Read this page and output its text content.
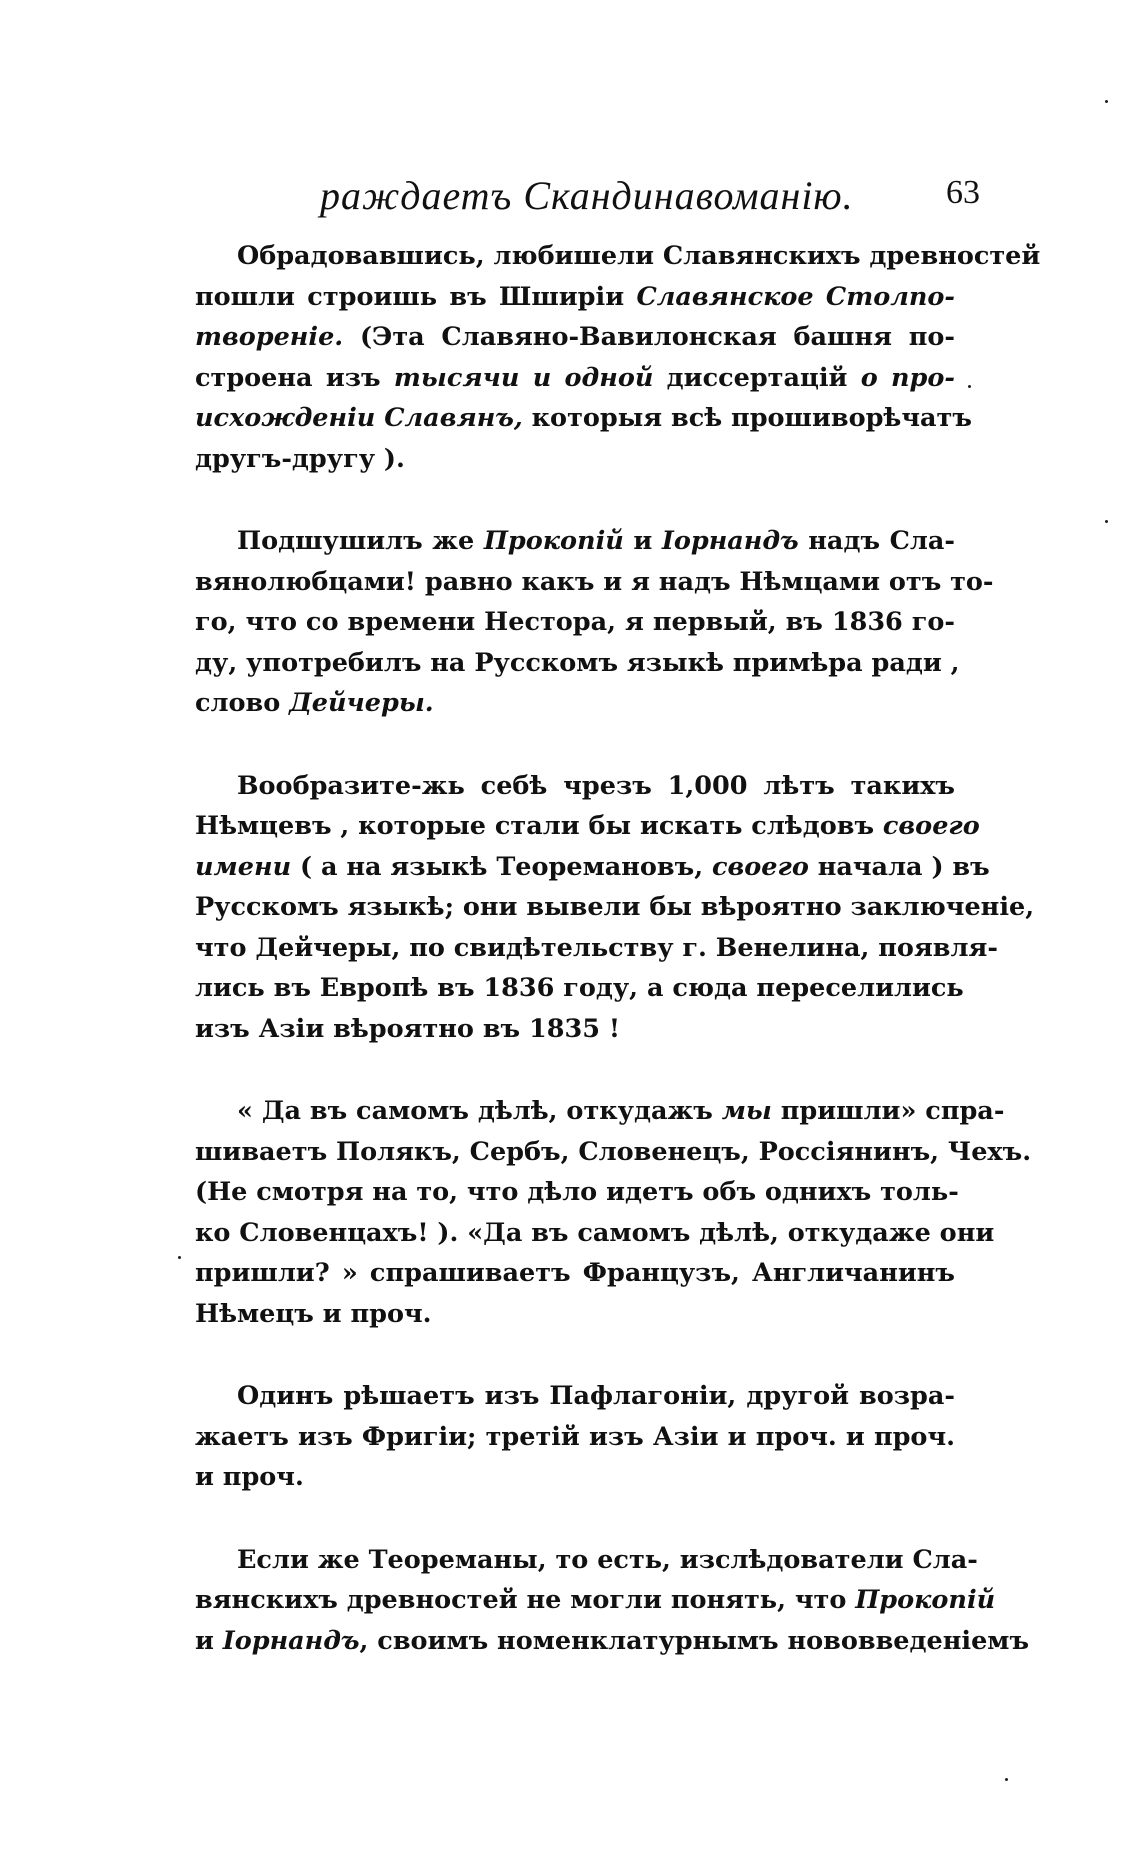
раждаетъ Скандинавоманію.	63
Обрадовавшись, любишели Славянскихъ древностей
пошли строишь въ Шширіи Славянское Столпо-
твореніе. (Эта Славяно-Вавилонская башня по-
строена изъ тысячи и одной диссертацій о про-
исхожденіи Славянъ, которыя всѣ прошиворѣчатъ
другъ-другу ).
Подшушилъ же Прокопій и Іорнандъ надъ Сла-
вянолюбцами! равно какъ и я надъ Нѣмцами отъ то-
го, что со времени Нестора, я первый, въ 1836 го-
ду, употребилъ на Русскомъ языкѣ примѣра ради ,
слово Дейчеры.
Вообразите-жь себѣ чрезъ 1,000 лѣтъ такихъ
Нѣмцевъ , которые стали бы искать слѣдовъ своего
имени ( а на языкѣ Теоремановъ, своего начала ) въ
Русскомъ языкѣ; они вывели бы вѣроятно заключеніе,
что Дейчеры, по свидѣтельству г. Венелина, появля-
лись въ Европѣ въ 1836 году, а сюда переселились
изъ Азіи вѣроятно въ 1835 !
« Да въ самомъ дѣлѣ, откудажъ мы пришли» спра-
шиваетъ Полякъ, Сербъ, Словенецъ, Россіянинъ, Чехъ.
(Не смотря на то, что дѣло идетъ объ однихъ толь-
ко Словенцахъ! ). «Да въ самомъ дѣлѣ, откудаже они
пришли? » спрашиваетъ Французъ, Англичанинъ
Нѣмецъ и проч.
Одинъ рѣшаетъ изъ Пафлагоніи, другой возра-
жаетъ изъ Фригіи; третій изъ Азіи и проч. и проч.
и проч.
Если же Теореманы, то есть, изслѣдователи Сла-
вянскихъ древностей не могли понять, что Прокопій
и Іорнандъ, своимъ номенклатурнымъ нововведеніемъ
